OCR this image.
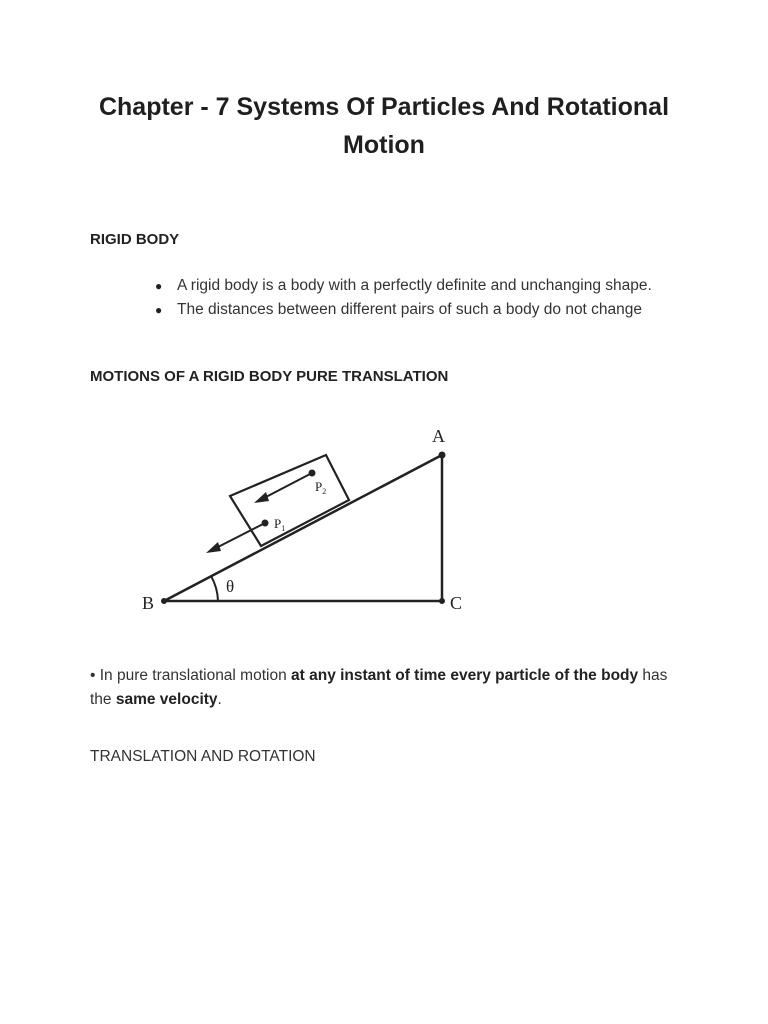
Chapter - 7 Systems Of Particles And Rotational Motion
RIGID BODY
● A rigid body is a body with a perfectly definite and unchanging shape.
● The distances between different pairs of such a body do not change
MOTIONS OF A RIGID BODY PURE TRANSLATION
A
B	C
θ
$P_2$
$P_1$

• In pure translational motion at any instant of time every particle of the body has the same velocity.

TRANSLATION AND ROTATION
